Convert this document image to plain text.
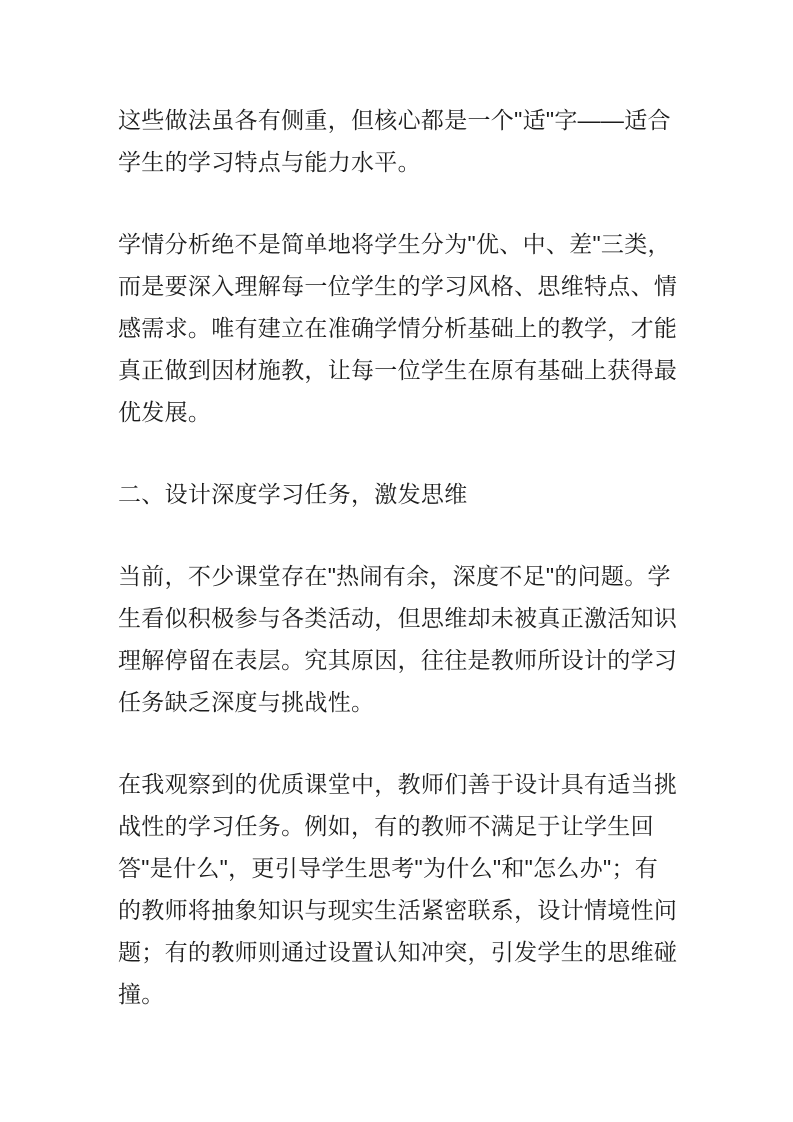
这些做法虽各有侧重，但核心都是一个"适"字——适合学生的学习特点与能力水平。

学情分析绝不是简单地将学生分为"优、中、差"三类，而是要深入理解每一位学生的学习风格、思维特点、情感需求。唯有建立在准确学情分析基础上的教学，才能真正做到因材施教，让每一位学生在原有基础上获得最优发展。

二、设计深度学习任务，激发思维

当前，不少课堂存在"热闹有余，深度不足"的问题。学生看似积极参与各类活动，但思维却未被真正激活知识理解停留在表层。究其原因，往往是教师所设计的学习任务缺乏深度与挑战性。

在我观察到的优质课堂中，教师们善于设计具有适当挑战性的学习任务。例如，有的教师不满足于让学生回答"是什么"，更引导学生思考"为什么"和"怎么办"；有的教师将抽象知识与现实生活紧密联系，设计情境性问题；有的教师则通过设置认知冲突，引发学生的思维碰撞。
